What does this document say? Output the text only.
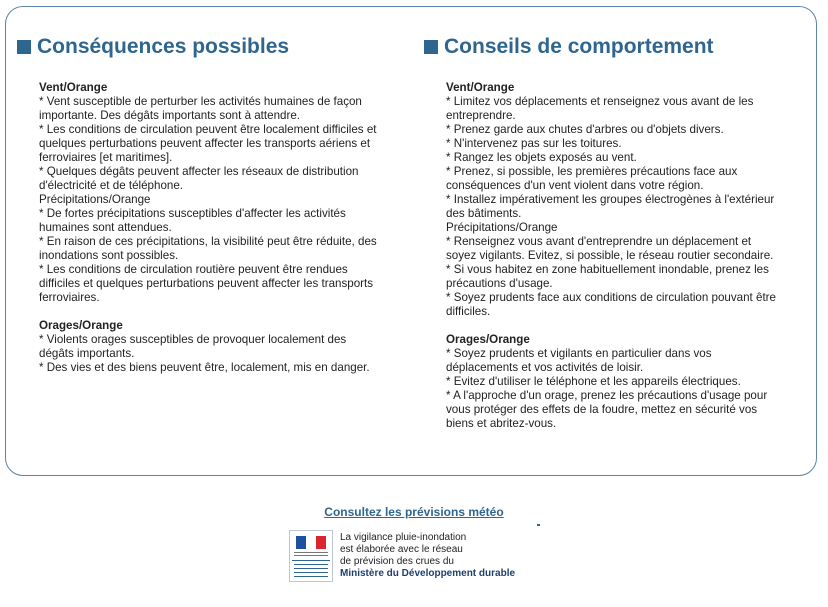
Conséquences possibles
Vent/Orange
* Vent susceptible de perturber les activités humaines de façon
importante. Des dégâts importants sont à attendre.
* Les conditions de circulation peuvent être localement difficiles et
quelques perturbations peuvent affecter les transports aériens et
ferroviaires [et maritimes].
* Quelques dégâts peuvent affecter les réseaux de distribution
d'électricité et de téléphone.
Précipitations/Orange
* De fortes précipitations susceptibles d'affecter les activités
humaines sont attendues.
* En raison de ces précipitations, la visibilité peut être réduite, des
inondations sont possibles.
* Les conditions de circulation routière peuvent être rendues
difficiles et quelques perturbations peuvent affecter les transports
ferroviaires.
Orages/Orange
* Violents orages susceptibles de provoquer localement des
dégâts importants.
* Des vies et des biens peuvent être, localement, mis en danger.
Conseils de comportement
Vent/Orange
* Limitez vos déplacements et renseignez vous avant de les
entreprendre.
* Prenez garde aux chutes d'arbres ou d'objets divers.
* N'intervenez pas sur les toitures.
* Rangez les objets exposés au vent.
* Prenez, si possible, les premières précautions face aux
conséquences d'un vent violent dans votre région.
* Installez impérativement les groupes électrogènes à l'extérieur
des bâtiments.
Précipitations/Orange
* Renseignez vous avant d'entreprendre un déplacement et
soyez vigilants. Evitez, si possible, le réseau routier secondaire.
* Si vous habitez en zone habituellement inondable, prenez les
précautions d'usage.
* Soyez prudents face aux conditions de circulation pouvant être
difficiles.
Orages/Orange
* Soyez prudents et vigilants en particulier dans vos
déplacements et vos activités de loisir.
* Evitez d'utiliser le téléphone et les appareils électriques.
* A l'approche d'un orage, prenez les précautions d'usage pour
vous protéger des effets de la foudre, mettez en sécurité vos
biens et abritez-vous.
Consultez les prévisions météo
La vigilance pluie-inondation
est élaborée avec le réseau
de prévision des crues du
Ministère du Développement durable
